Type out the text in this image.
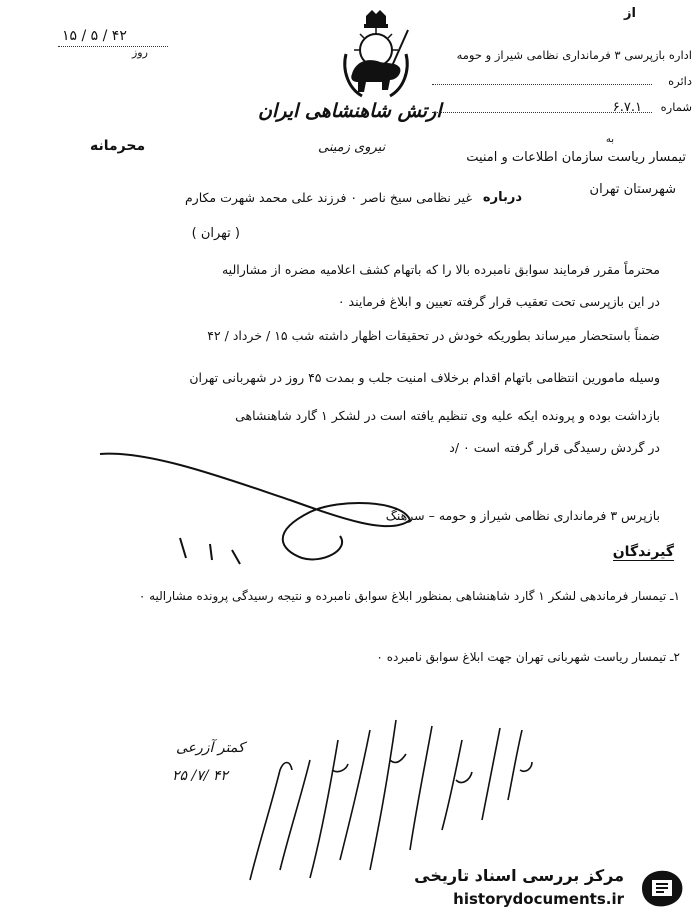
۱۵ / ۵ / ۴۲
روز
ارتش شاهنشاهی ایران
نیروی زمینی
از
اداره بازپرسی ۳ فرمانداری نظامی شیراز و حومه
دائره
شماره
۶.۷.۱
محرمانه	به
تیمسار ریاست سازمان اطلاعات و امنیت
شهرستان تهران
درباره
غیر نظامی سیخ ناصر ۰ فرزند علی محمد شهرت مکارم
( تهران )
محترماً مقرر فرمایند سوابق نامبرده بالا را که باتهام کشف اعلامیه مضره از مشارالیه
در این بازپرسی تحت تعقیب قرار گرفته تعیین و ابلاغ فرمایند ۰
ضمناً باستحضار میرساند بطوریکه خودش در تحقیقات اظهار داشته شب ۱۵ / خرداد / ۴۲
وسیله مامورین انتظامی باتهام اقدام برخلاف امنیت جلب و بمدت ۴۵ روز در شهربانی تهران
بازداشت بوده و پرونده ایکه علیه وی تنظیم یافته است در لشکر ۱ گارد شاهنشاهی
در گردش رسیدگی قرار گرفته است ۰ /د
بازپرس ۳ فرمانداری نظامی شیراز و حومه – سرهنگ
گیرندگان
۱ـ تیمسار فرماندهی لشکر ۱ گارد شاهنشاهی بمنظور ابلاغ سوابق نامبرده و نتیجه رسیدگی پرونده مشارالیه ۰
۲ـ تیمسار ریاست شهربانی تهران جهت ابلاغ سوابق نامبرده ۰
کمتر آزرعی
۲۵ /۷/ ۴۲
مرکز بررسی اسناد تاریخی
historydocuments.ir
